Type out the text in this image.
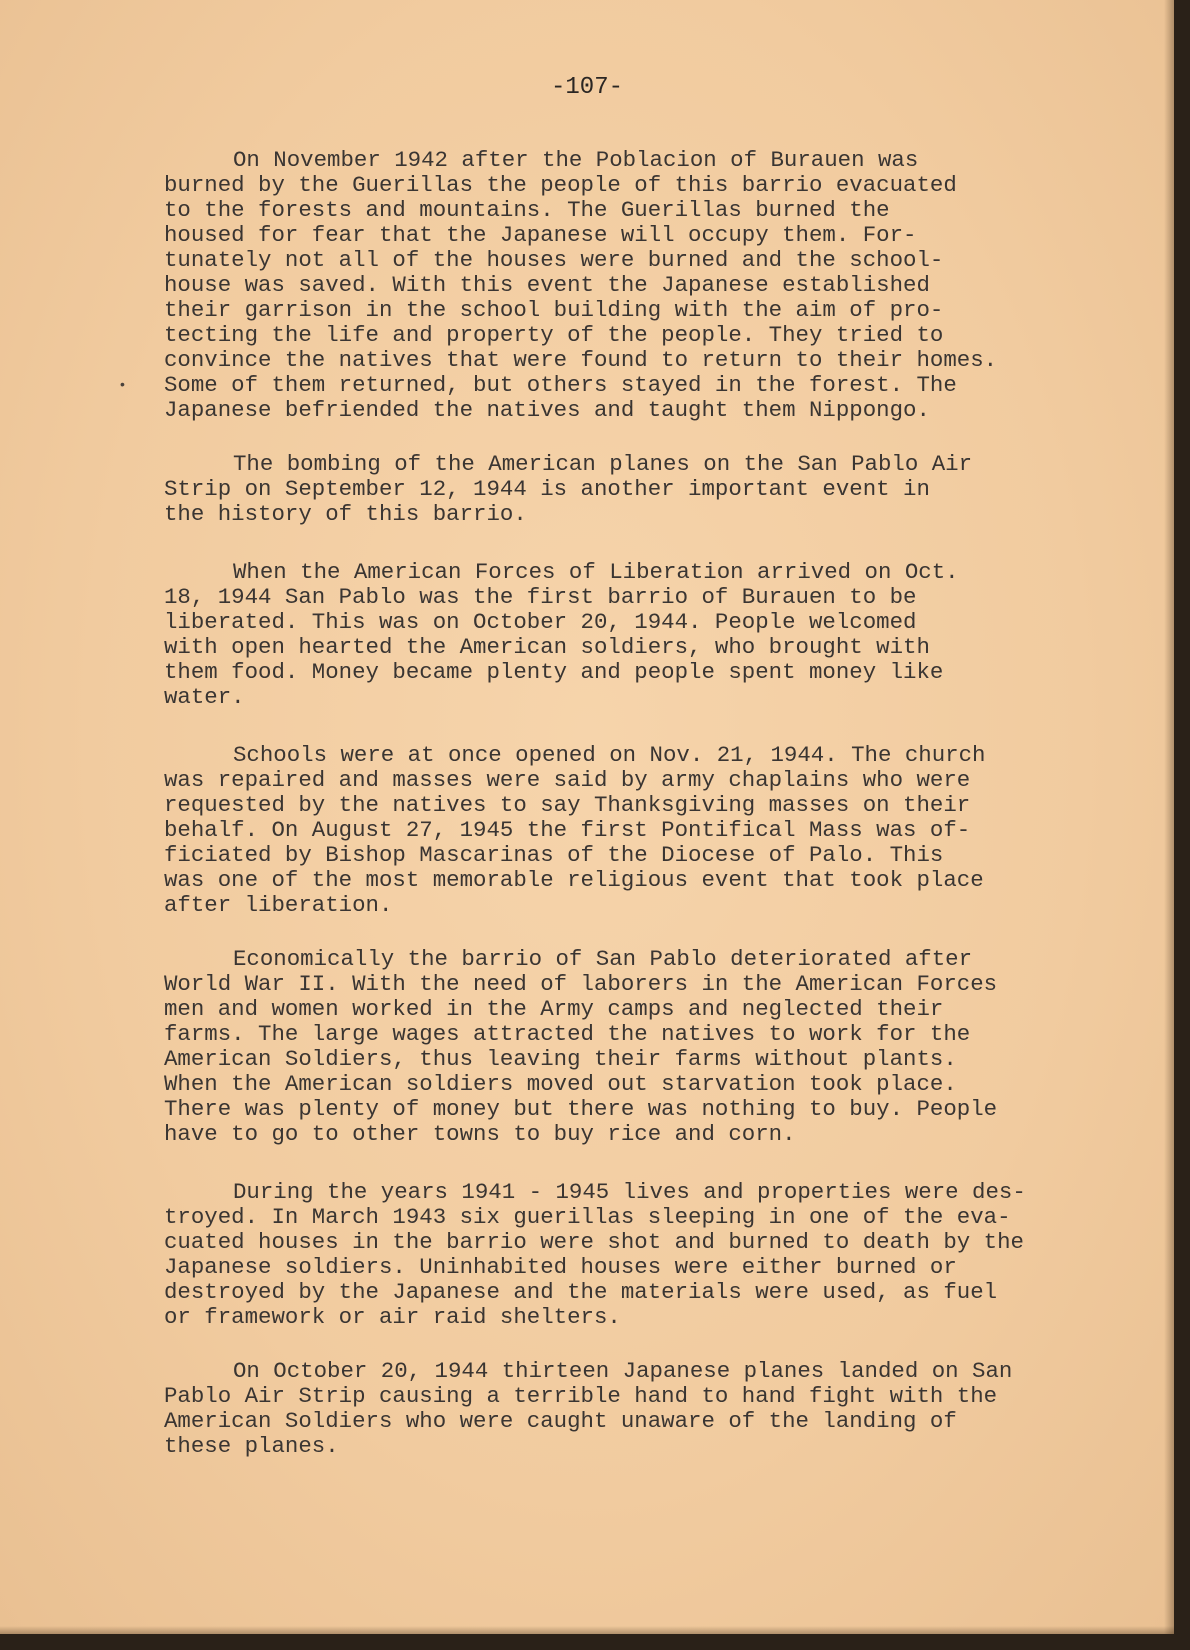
-107-
•

On November 1942 after the Poblacion of Burauen was
burned by the Guerillas the people of this barrio evacuated
to the forests and mountains. The Guerillas burned the
housed for fear that the Japanese will occupy them. For-
tunately not all of the houses were burned and the school-
house was saved. With this event the Japanese established
their garrison in the school building with the aim of pro-
tecting the life and property of the people. They tried to
convince the natives that were found to return to their homes.
Some of them returned, but others stayed in the forest. The
Japanese befriended the natives and taught them Nippongo.

The bombing of the American planes on the San Pablo Air
Strip on September 12, 1944 is another important event in
the history of this barrio.

When the American Forces of Liberation arrived on Oct.
18, 1944 San Pablo was the first barrio of Burauen to be
liberated. This was on October 20, 1944. People welcomed
with open hearted the American soldiers, who brought with
them food. Money became plenty and people spent money like
water.

Schools were at once opened on Nov. 21, 1944. The church
was repaired and masses were said by army chaplains who were
requested by the natives to say Thanksgiving masses on their
behalf. On August 27, 1945 the first Pontifical Mass was of-
ficiated by Bishop Mascarinas of the Diocese of Palo. This
was one of the most memorable religious event that took place
after liberation.

Economically the barrio of San Pablo deteriorated after
World War II. With the need of laborers in the American Forces
men and women worked in the Army camps and neglected their
farms. The large wages attracted the natives to work for the
American Soldiers, thus leaving their farms without plants.
When the American soldiers moved out starvation took place.
There was plenty of money but there was nothing to buy. People
have to go to other towns to buy rice and corn.

During the years 1941 - 1945 lives and properties were des-
troyed. In March 1943 six guerillas sleeping in one of the eva-
cuated houses in the barrio were shot and burned to death by the
Japanese soldiers. Uninhabited houses were either burned or
destroyed by the Japanese and the materials were used, as fuel
or framework or air raid shelters.

On October 20, 1944 thirteen Japanese planes landed on San
Pablo Air Strip causing a terrible hand to hand fight with the
American Soldiers who were caught unaware of the landing of
these planes.
